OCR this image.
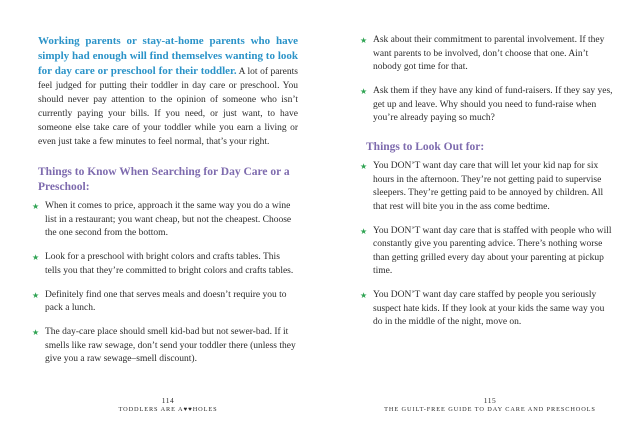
Working parents or stay-at-home parents who have simply had enough will find themselves wanting to look for day care or preschool for their toddler. A lot of parents feel judged for putting their toddler in day care or preschool. You should never pay attention to the opinion of someone who isn’t currently paying your bills. If you need, or just want, to have someone else take care of your toddler while you earn a living or even just take a few minutes to feel normal, that’s your right.

Things to Know When Searching for Day Care or a Preschool:
★ When it comes to price, approach it the same way you do a wine list in a restaurant; you want cheap, but not the cheapest. Choose the one second from the bottom.
★ Look for a preschool with bright colors and crafts tables. This tells you that they’re committed to bright colors and crafts tables.
★ Definitely find one that serves meals and doesn’t require you to pack a lunch.
★ The day-care place should smell kid-bad but not sewer-bad. If it smells like raw sewage, don’t send your toddler there (unless they give you a raw sewage–smell discount).
114
TODDLERS ARE A♥♥HOLES
★ Ask about their commitment to parental involvement. If they want parents to be involved, don’t choose that one. Ain’t nobody got time for that.
★ Ask them if they have any kind of fund-raisers. If they say yes, get up and leave. Why should you need to fund-raise when you’re already paying so much?
Things to Look Out for:
★ You DON’T want day care that will let your kid nap for six hours in the afternoon. They’re not getting paid to supervise sleepers. They’re getting paid to be annoyed by children. All that rest will bite you in the ass come bedtime.
★ You DON’T want day care that is staffed with people who will constantly give you parenting advice. There’s nothing worse than getting grilled every day about your parenting at pickup time.
★ You DON’T want day care staffed by people you seriously suspect hate kids. If they look at your kids the same way you do in the middle of the night, move on.
115
THE GUILT-FREE GUIDE TO DAY CARE AND PRESCHOOLS
